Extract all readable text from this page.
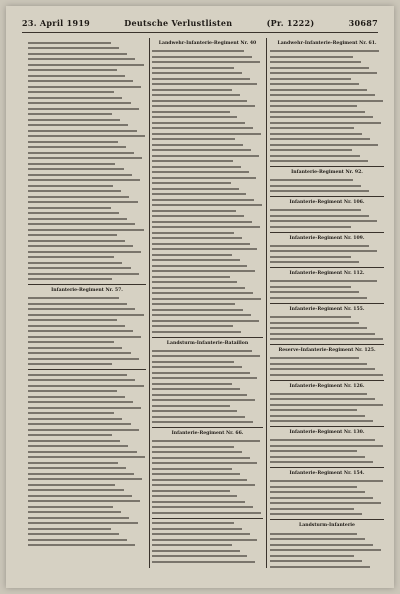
23. April 1919	Deutsche Verlustlisten	(Pr. 1222)	30687
Infanterie-Regiment Nr. 57.
Landwehr-Infanterie-Regiment Nr. 40
Landsturm-Infanterie-Bataillon
Infanterie-Regiment Nr. 66.
Landwehr-Infanterie-Regiment Nr. 61.
Infanterie-Regiment Nr. 92.
Infanterie-Regiment Nr. 106.
Infanterie-Regiment Nr. 109.
Infanterie-Regiment Nr. 112.
Infanterie-Regiment Nr. 155.
Reserve-Infanterie-Regiment Nr. 125.
Infanterie-Regiment Nr. 126.
Infanterie-Regiment Nr. 130.
Infanterie-Regiment Nr. 154.
Landsturm-Infanterie
